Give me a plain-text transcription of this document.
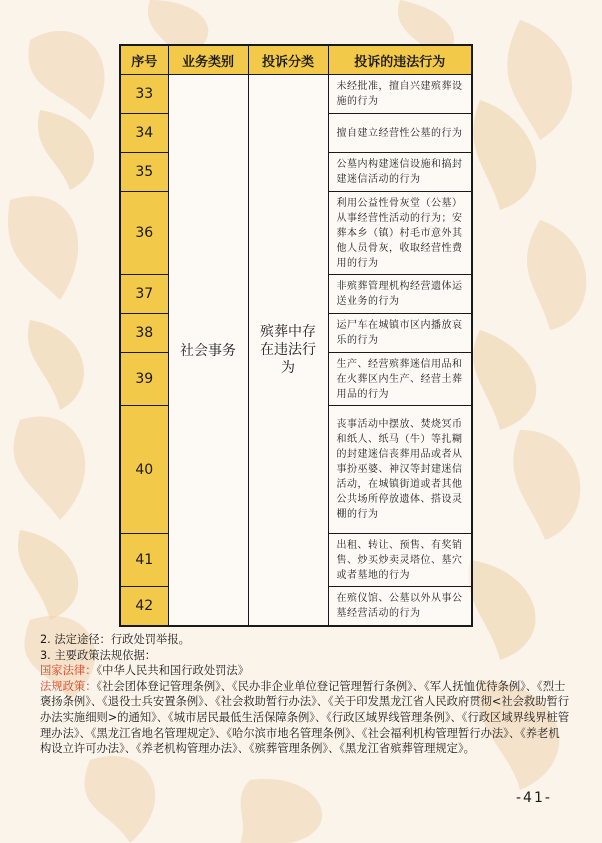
序号	业务类别	投诉分类	投诉的违法行为
33	社会事务	殡葬中存在违法行为	未经批准，擅自兴建殡葬设施的行为
34			擅自建立经营性公墓的行为
35			公墓内构建迷信设施和搞封建迷信活动的行为
36			利用公益性骨灰堂（公墓）从事经营性活动的行为；安葬本乡（镇）村毛市意外其他人员骨灰，收取经营性费用的行为
37			非殡葬管理机构经营遗体运送业务的行为
38			运尸车在城镇市区内播放哀乐的行为
39			生产、经营殡葬迷信用品和在火葬区内生产、经营土葬用品的行为
40			丧事活动中摆放、焚烧冥币和纸人、纸马（牛）等扎糊的封建迷信丧葬用品或者从事扮巫婆、神汉等封建迷信活动，在城镇街道或者其他公共场所停放遗体、搭设灵棚的行为
41			出租、转让、预售、有奖销售、炒买炒卖灵塔位、墓穴或者墓地的行为
42			在殡仪馆、公墓以外从事公墓经营活动的行为

2. 法定途径：行政处罚举报。

3. 主要政策法规依据：

国家法律：《中华人民共和国行政处罚法》

法规政策：《社会团体登记管理条例》、《民办非企业单位登记管理暂行条例》、《军人抚恤优待条例》、《烈士褒扬条例》、《退役士兵安置条例》、《社会救助暂行办法》、《关于印发黑龙江省人民政府贯彻<社会救助暂行办法实施细则>的通知》、《城市居民最低生活保障条例》、《行政区域界线管理条例》、《行政区域界线界桩管理办法》、《黑龙江省地名管理规定》、《哈尔滨市地名管理条例》、《社会福利机构管理暂行办法》、《养老机构设立许可办法》、《养老机构管理办法》、《殡葬管理条例》、《黑龙江省殡葬管理规定》。

-41-
